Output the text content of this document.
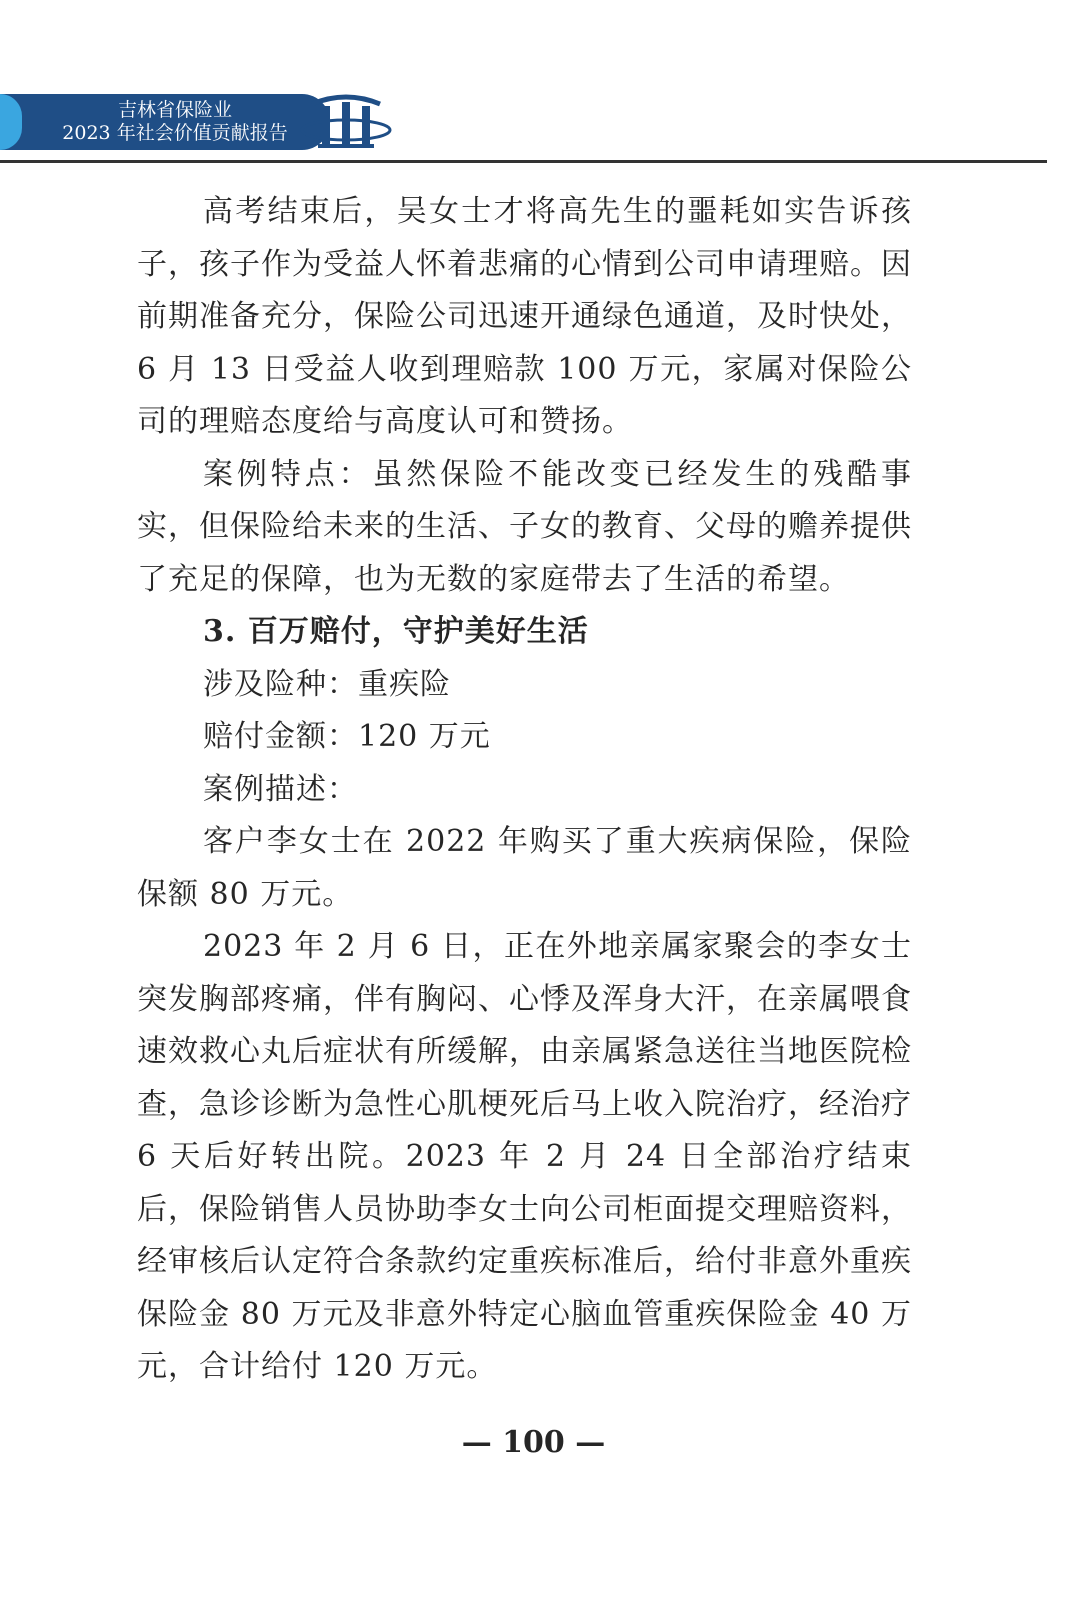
吉林省保险业
2023 年社会价值贡献报告

高考结束后，吴女士才将高先生的噩耗如实告诉孩子，孩子作为受益人怀着悲痛的心情到公司申请理赔。因前期准备充分，保险公司迅速开通绿色通道，及时快处，6 月 13 日受益人收到理赔款 100 万元，家属对保险公司的理赔态度给与高度认可和赞扬。

案例特点：虽然保险不能改变已经发生的残酷事实，但保险给未来的生活、子女的教育、父母的赡养提供了充足的保障，也为无数的家庭带去了生活的希望。

3. 百万赔付，守护美好生活

涉及险种：重疾险

赔付金额：120 万元

案例描述：

客户李女士在 2022 年购买了重大疾病保险，保险保额 80 万元。

2023 年 2 月 6 日，正在外地亲属家聚会的李女士突发胸部疼痛，伴有胸闷、心悸及浑身大汗，在亲属喂食速效救心丸后症状有所缓解，由亲属紧急送往当地医院检查，急诊诊断为急性心肌梗死后马上收入院治疗，经治疗 6 天后好转出院。2023 年 2 月 24 日全部治疗结束后，保险销售人员协助李女士向公司柜面提交理赔资料，经审核后认定符合条款约定重疾标准后，给付非意外重疾保险金 80 万元及非意外特定心脑血管重疾保险金 40 万元，合计给付 120 万元。

— 100 —
